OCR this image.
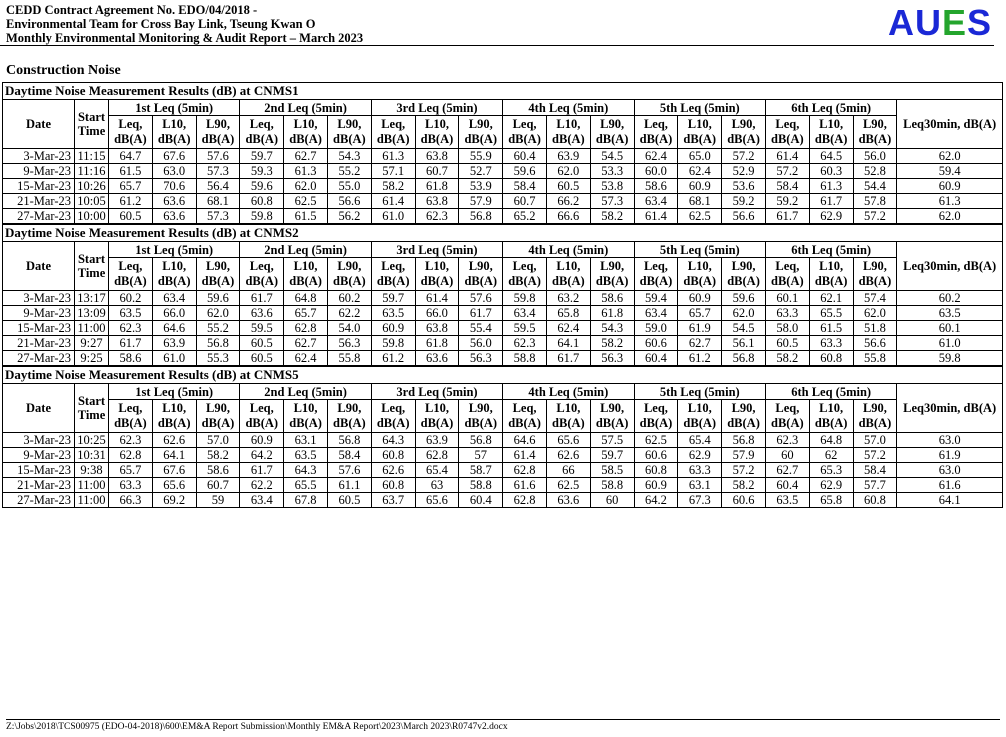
CEDD Contract Agreement No. EDO/04/2018 -
Environmental Team for Cross Bay Link, Tseung Kwan O
Monthly Environmental Monitoring & Audit Report – March 2023	AUES
Construction Noise
Daytime Noise Measurement Results (dB) at CNMS1																				
Date	Start Time	1st Leq (5min)			2nd Leq (5min)			3rd Leq (5min)			4th Leq (5min)			5th Leq (5min)			6th Leq (5min)			Leq30min, dB(A)
		Leq, dB(A)	L10, dB(A)	L90, dB(A)	Leq, dB(A)	L10, dB(A)	L90, dB(A)	Leq, dB(A)	L10, dB(A)	L90, dB(A)	Leq, dB(A)	L10, dB(A)	L90, dB(A)	Leq, dB(A)	L10, dB(A)	L90, dB(A)	Leq, dB(A)	L10, dB(A)	L90, dB(A)	
3-Mar-23	11:15	64.7	67.6	57.6	59.7	62.7	54.3	61.3	63.8	55.9	60.4	63.9	54.5	62.4	65.0	57.2	61.4	64.5	56.0	62.0
9-Mar-23	11:16	61.5	63.0	57.3	59.3	61.3	55.2	57.1	60.7	52.7	59.6	62.0	53.3	60.0	62.4	52.9	57.2	60.3	52.8	59.4
15-Mar-23	10:26	65.7	70.6	56.4	59.6	62.0	55.0	58.2	61.8	53.9	58.4	60.5	53.8	58.6	60.9	53.6	58.4	61.3	54.4	60.9
21-Mar-23	10:05	61.2	63.6	68.1	60.8	62.5	56.6	61.4	63.8	57.9	60.7	66.2	57.3	63.4	68.1	59.2	59.2	61.7	57.8	61.3
27-Mar-23	10:00	60.5	63.6	57.3	59.8	61.5	56.2	61.0	62.3	56.8	65.2	66.6	58.2	61.4	62.5	56.6	61.7	62.9	57.2	62.0
Daytime Noise Measurement Results (dB) at CNMS2																				
Date	Start Time	1st Leq (5min)			2nd Leq (5min)			3rd Leq (5min)			4th Leq (5min)			5th Leq (5min)			6th Leq (5min)			Leq30min, dB(A)
		Leq, dB(A)	L10, dB(A)	L90, dB(A)	Leq, dB(A)	L10, dB(A)	L90, dB(A)	Leq, dB(A)	L10, dB(A)	L90, dB(A)	Leq, dB(A)	L10, dB(A)	L90, dB(A)	Leq, dB(A)	L10, dB(A)	L90, dB(A)	Leq, dB(A)	L10, dB(A)	L90, dB(A)	
3-Mar-23	13:17	60.2	63.4	59.6	61.7	64.8	60.2	59.7	61.4	57.6	59.8	63.2	58.6	59.4	60.9	59.6	60.1	62.1	57.4	60.2
9-Mar-23	13:09	63.5	66.0	62.0	63.6	65.7	62.2	63.5	66.0	61.7	63.4	65.8	61.8	63.4	65.7	62.0	63.3	65.5	62.0	63.5
15-Mar-23	11:00	62.3	64.6	55.2	59.5	62.8	54.0	60.9	63.8	55.4	59.5	62.4	54.3	59.0	61.9	54.5	58.0	61.5	51.8	60.1
21-Mar-23	9:27	61.7	63.9	56.8	60.5	62.7	56.3	59.8	61.8	56.0	62.3	64.1	58.2	60.6	62.7	56.1	60.5	63.3	56.6	61.0
27-Mar-23	9:25	58.6	61.0	55.3	60.5	62.4	55.8	61.2	63.6	56.3	58.8	61.7	56.3	60.4	61.2	56.8	58.2	60.8	55.8	59.8
Daytime Noise Measurement Results (dB) at CNMS5																				
Date	Start Time	1st Leq (5min)			2nd Leq (5min)			3rd Leq (5min)			4th Leq (5min)			5th Leq (5min)			6th Leq (5min)			Leq30min, dB(A)
		Leq, dB(A)	L10, dB(A)	L90, dB(A)	Leq, dB(A)	L10, dB(A)	L90, dB(A)	Leq, dB(A)	L10, dB(A)	L90, dB(A)	Leq, dB(A)	L10, dB(A)	L90, dB(A)	Leq, dB(A)	L10, dB(A)	L90, dB(A)	Leq, dB(A)	L10, dB(A)	L90, dB(A)	
3-Mar-23	10:25	62.3	62.6	57.0	60.9	63.1	56.8	64.3	63.9	56.8	64.6	65.6	57.5	62.5	65.4	56.8	62.3	64.8	57.0	63.0
9-Mar-23	10:31	62.8	64.1	58.2	64.2	63.5	58.4	60.8	62.8	57	61.4	62.6	59.7	60.6	62.9	57.9	60	62	57.2	61.9
15-Mar-23	9:38	65.7	67.6	58.6	61.7	64.3	57.6	62.6	65.4	58.7	62.8	66	58.5	60.8	63.3	57.2	62.7	65.3	58.4	63.0
21-Mar-23	11:00	63.3	65.6	60.7	62.2	65.5	61.1	60.8	63	58.8	61.6	62.5	58.8	60.9	63.1	58.2	60.4	62.9	57.7	61.6
27-Mar-23	11:00	66.3	69.2	59	63.4	67.8	60.5	63.7	65.6	60.4	62.8	63.6	60	64.2	67.3	60.6	63.5	65.8	60.8	64.1
Z:\Jobs\2018\TCS00975 (EDO-04-2018)\600\EM&A Report Submission\Monthly EM&A Report\2023\March 2023\R0747v2.docx
